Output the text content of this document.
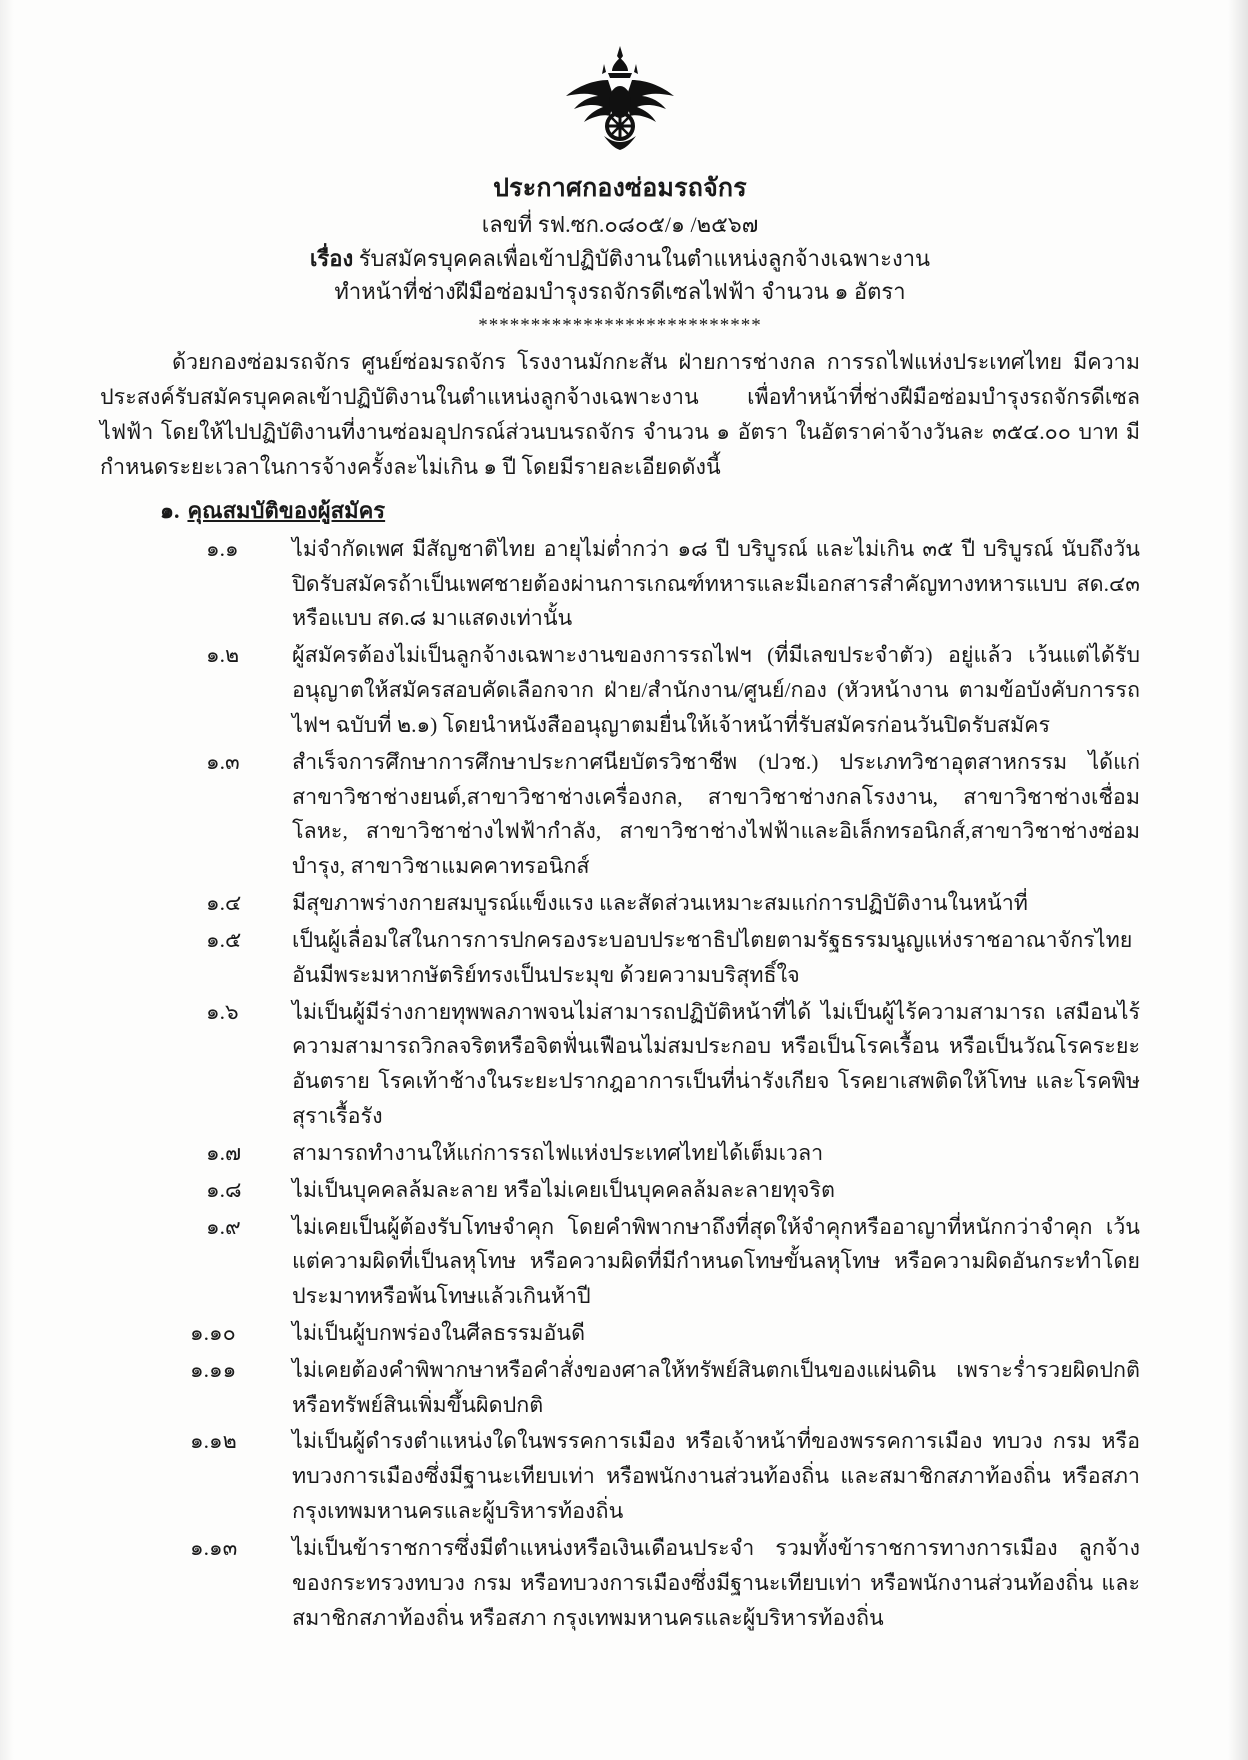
ประกาศกองซ่อมรถจักร
เลขที่ รฟ.ซก.๐๘๐๕/๑ /๒๕๖๗
เรื่อง รับสมัครบุคคลเพื่อเข้าปฏิบัติงานในตำแหน่งลูกจ้างเฉพาะงาน
ทำหน้าที่ช่างฝีมือซ่อมบำรุงรถจักรดีเซลไฟฟ้า จำนวน ๑ อัตรา
***************************
ด้วยกองซ่อมรถจักร ศูนย์ซ่อมรถจักร โรงงานมักกะสัน ฝ่ายการช่างกล การรถไฟแห่งประเทศไทย มีความประสงค์รับสมัครบุคคลเข้าปฏิบัติงานในตำแหน่งลูกจ้างเฉพาะงาน เพื่อทำหน้าที่ช่างฝีมือซ่อมบำรุงรถจักรดีเซลไฟฟ้า โดยให้ไปปฏิบัติงานที่งานซ่อมอุปกรณ์ส่วนบนรถจักร จำนวน ๑ อัตรา ในอัตราค่าจ้างวันละ ๓๕๔.๐๐ บาท มีกำหนดระยะเวลาในการจ้างครั้งละไม่เกิน ๑ ปี โดยมีรายละเอียดดังนี้
๑. คุณสมบัติของผู้สมัคร
๑.๑	ไม่จำกัดเพศ มีสัญชาติไทย อายุไม่ต่ำกว่า ๑๘ ปี บริบูรณ์ และไม่เกิน ๓๕ ปี บริบูรณ์ นับถึงวันปิดรับสมัครถ้าเป็นเพศชายต้องผ่านการเกณฑ์ทหารและมีเอกสารสำคัญทางทหารแบบ สด.๔๓ หรือแบบ สด.๘ มาแสดงเท่านั้น
๑.๒	ผู้สมัครต้องไม่เป็นลูกจ้างเฉพาะงานของการรถไฟฯ (ที่มีเลขประจำตัว) อยู่แล้ว เว้นแต่ได้รับอนุญาตให้สมัครสอบคัดเลือกจาก ฝ่าย/สำนักงาน/ศูนย์/กอง (หัวหน้างาน ตามข้อบังคับการรถไฟฯ ฉบับที่ ๒.๑) โดยนำหนังสืออนุญาตมยื่นให้เจ้าหน้าที่รับสมัครก่อนวันปิดรับสมัคร
๑.๓	สำเร็จการศึกษาการศึกษาประกาศนียบัตรวิชาชีพ (ปวช.) ประเภทวิชาอุตสาหกรรม ได้แก่ สาขาวิชาช่างยนต์,สาขาวิชาช่างเครื่องกล, สาขาวิชาช่างกลโรงงาน, สาขาวิชาช่างเชื่อมโลหะ, สาขาวิชาช่างไฟฟ้ากำลัง, สาขาวิชาช่างไฟฟ้าและอิเล็กทรอนิกส์,สาขาวิชาช่างซ่อมบำรุง, สาขาวิชาแมคคาทรอนิกส์
๑.๔	มีสุขภาพร่างกายสมบูรณ์แข็งแรง และสัดส่วนเหมาะสมแก่การปฏิบัติงานในหน้าที่
๑.๕	เป็นผู้เลื่อมใสในการการปกครองระบอบประชาธิปไตยตามรัฐธรรมนูญแห่งราชอาณาจักรไทย อันมีพระมหากษัตริย์ทรงเป็นประมุข ด้วยความบริสุทธิ์ใจ
๑.๖	ไม่เป็นผู้มีร่างกายทุพพลภาพจนไม่สามารถปฏิบัติหน้าที่ได้ ไม่เป็นผู้ไร้ความสามารถ เสมือนไร้ความสามารถวิกลจริตหรือจิตฟั่นเฟือนไม่สมประกอบ หรือเป็นโรคเรื้อน หรือเป็นวัณโรคระยะอันตราย โรคเท้าช้างในระยะปรากฎอาการเป็นที่น่ารังเกียจ โรคยาเสพติดให้โทษ และโรคพิษสุราเรื้อรัง
๑.๗	สามารถทำงานให้แก่การรถไฟแห่งประเทศไทยได้เต็มเวลา
๑.๘	ไม่เป็นบุคคลล้มละลาย หรือไม่เคยเป็นบุคคลล้มละลายทุจริต
๑.๙	ไม่เคยเป็นผู้ต้องรับโทษจำคุก โดยคำพิพากษาถึงที่สุดให้จำคุกหรืออาญาที่หนักกว่าจำคุก เว้นแต่ความผิดที่เป็นลหุโทษ หรือความผิดที่มีกำหนดโทษขั้นลหุโทษ หรือความผิดอันกระทำโดยประมาทหรือพ้นโทษแล้วเกินห้าปี
๑.๑๐	ไม่เป็นผู้บกพร่องในศีลธรรมอันดี
๑.๑๑	ไม่เคยต้องคำพิพากษาหรือคำสั่งของศาลให้ทรัพย์สินตกเป็นของแผ่นดิน เพราะร่ำรวยผิดปกติ หรือทรัพย์สินเพิ่มขึ้นผิดปกติ
๑.๑๒	ไม่เป็นผู้ดำรงตำแหน่งใดในพรรคการเมือง หรือเจ้าหน้าที่ของพรรคการเมือง ทบวง กรม หรือทบวงการเมืองซึ่งมีฐานะเทียบเท่า หรือพนักงานส่วนท้องถิ่น และสมาชิกสภาท้องถิ่น หรือสภากรุงเทพมหานครและผู้บริหารท้องถิ่น
๑.๑๓	ไม่เป็นข้าราชการซึ่งมีตำแหน่งหรือเงินเดือนประจำ รวมทั้งข้าราชการทางการเมือง ลูกจ้างของกระทรวงทบวง กรม หรือทบวงการเมืองซึ่งมีฐานะเทียบเท่า หรือพนักงานส่วนท้องถิ่น และสมาชิกสภาท้องถิ่น หรือสภา กรุงเทพมหานครและผู้บริหารท้องถิ่น
